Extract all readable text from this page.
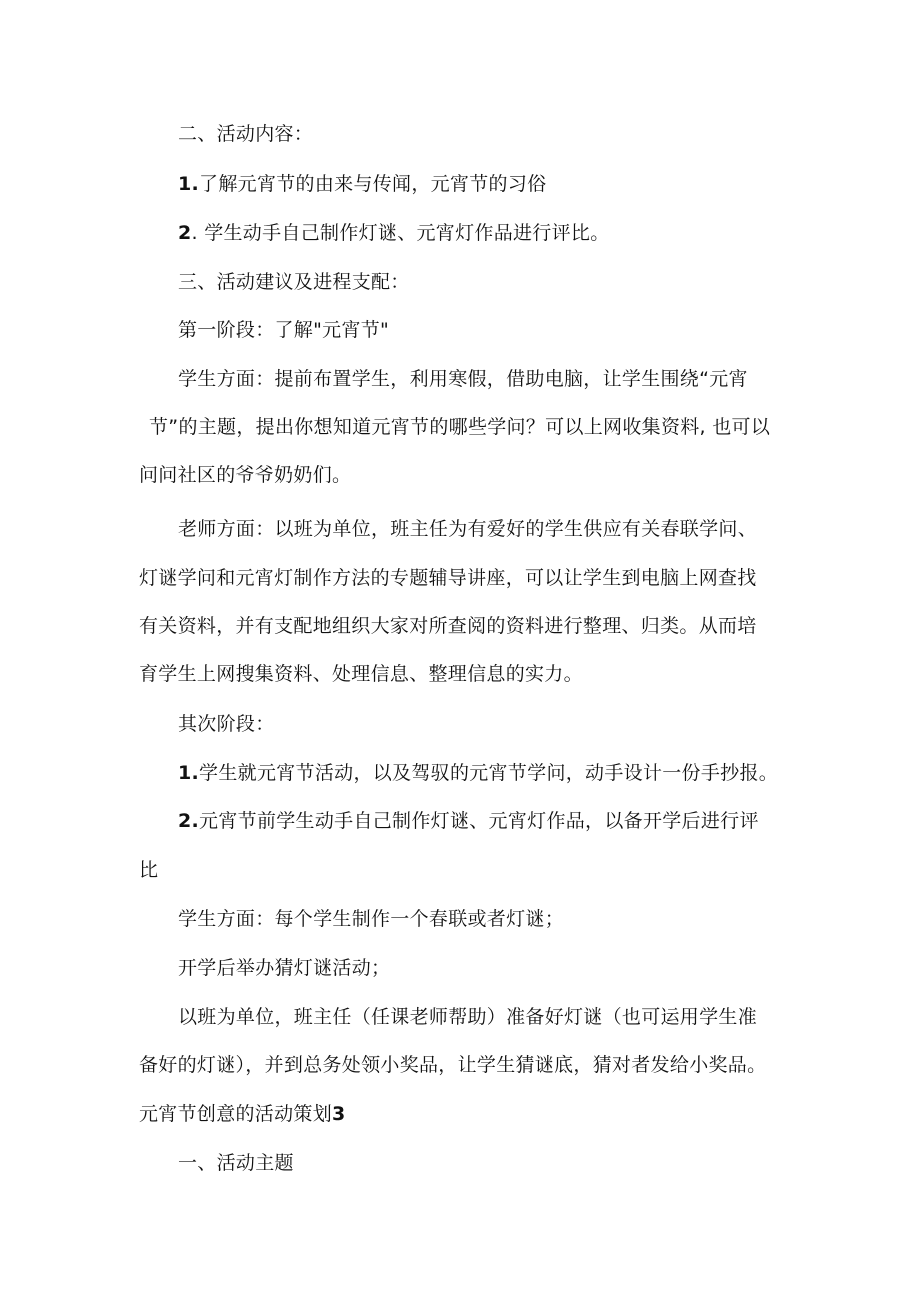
二、活动内容：
1.了解元宵节的由来与传闻，元宵节的习俗
2. 学生动手自己制作灯谜、元宵灯作品进行评比。
三、活动建议及进程支配：
第一阶段：了解"元宵节"
学生方面：提前布置学生，利用寒假，借助电脑，让学生围绕“元宵
节”的主题，提出你想知道元宵节的哪些学问？可以上网收集资料, 也可以
问问社区的爷爷奶奶们。
老师方面：以班为单位，班主任为有爱好的学生供应有关春联学问、
灯谜学问和元宵灯制作方法的专题辅导讲座，可以让学生到电脑上网查找
有关资料，并有支配地组织大家对所查阅的资料进行整理、归类。从而培
育学生上网搜集资料、处理信息、整理信息的实力。
其次阶段：
1.学生就元宵节活动，以及驾驭的元宵节学问，动手设计一份手抄报。
2.元宵节前学生动手自己制作灯谜、元宵灯作品，以备开学后进行评
比
学生方面：每个学生制作一个春联或者灯谜；
开学后举办猜灯谜活动；
以班为单位，班主任（任课老师帮助）准备好灯谜（也可运用学生准
备好的灯谜），并到总务处领小奖品，让学生猜谜底，猜对者发给小奖品。
元宵节创意的活动策划3
一、活动主题
